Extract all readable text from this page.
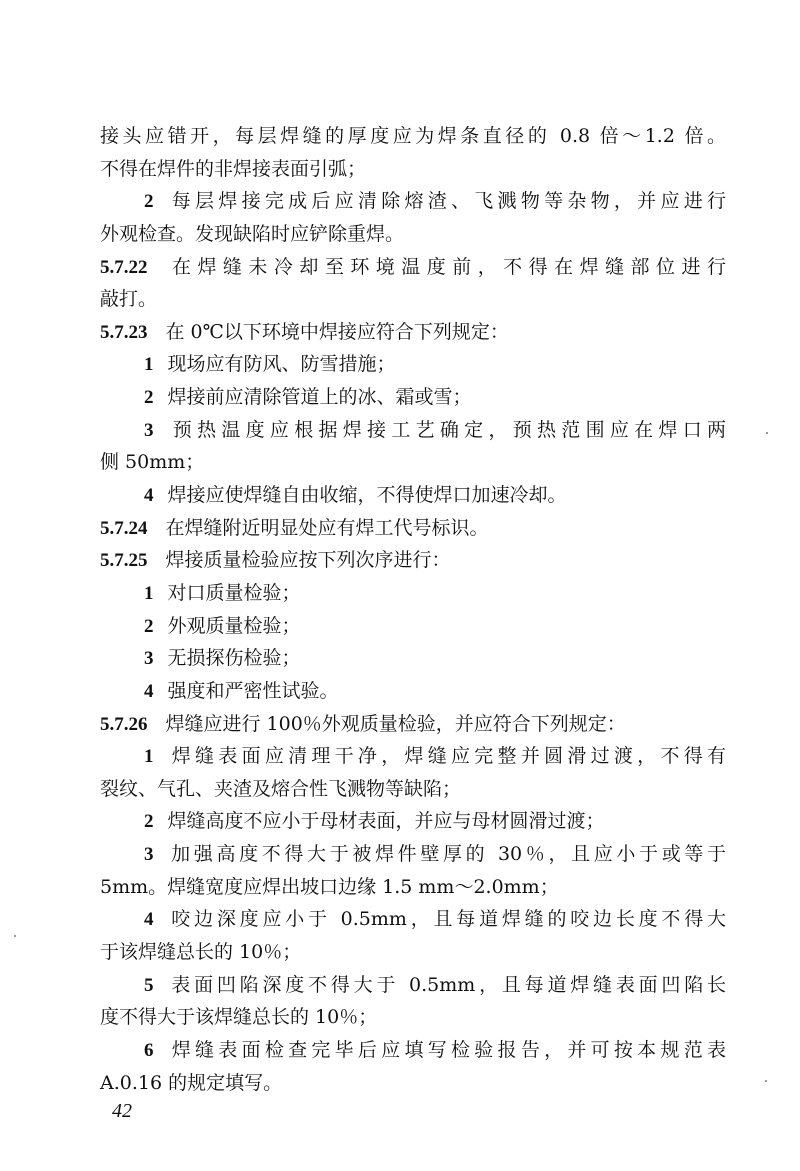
接头应错开，每层焊缝的厚度应为焊条直径的 0.8 倍～1.2 倍。
不得在焊件的非焊接表面引弧；
2 每层焊接完成后应清除熔渣、飞溅物等杂物，并应进行
外观检查。发现缺陷时应铲除重焊。
5.7.22 在焊缝未冷却至环境温度前，不得在焊缝部位进行
敲打。
5.7.23 在 0℃以下环境中焊接应符合下列规定：
1 现场应有防风、防雪措施；
2 焊接前应清除管道上的冰、霜或雪；
3 预热温度应根据焊接工艺确定，预热范围应在焊口两
侧 50mm；
4 焊接应使焊缝自由收缩，不得使焊口加速冷却。
5.7.24 在焊缝附近明显处应有焊工代号标识。
5.7.25 焊接质量检验应按下列次序进行：
1 对口质量检验；
2 外观质量检验；
3 无损探伤检验；
4 强度和严密性试验。
5.7.26 焊缝应进行 100％外观质量检验，并应符合下列规定：
1 焊缝表面应清理干净，焊缝应完整并圆滑过渡，不得有
裂纹、气孔、夹渣及熔合性飞溅物等缺陷；
2 焊缝高度不应小于母材表面，并应与母材圆滑过渡；
3 加强高度不得大于被焊件壁厚的 30％，且应小于或等于
5mm。焊缝宽度应焊出坡口边缘 1.5 mm～2.0mm；
4 咬边深度应小于 0.5mm，且每道焊缝的咬边长度不得大
于该焊缝总长的 10％；
5 表面凹陷深度不得大于 0.5mm，且每道焊缝表面凹陷长
度不得大于该焊缝总长的 10％；
6 焊缝表面检查完毕后应填写检验报告，并可按本规范表
A.0.16 的规定填写。
42
